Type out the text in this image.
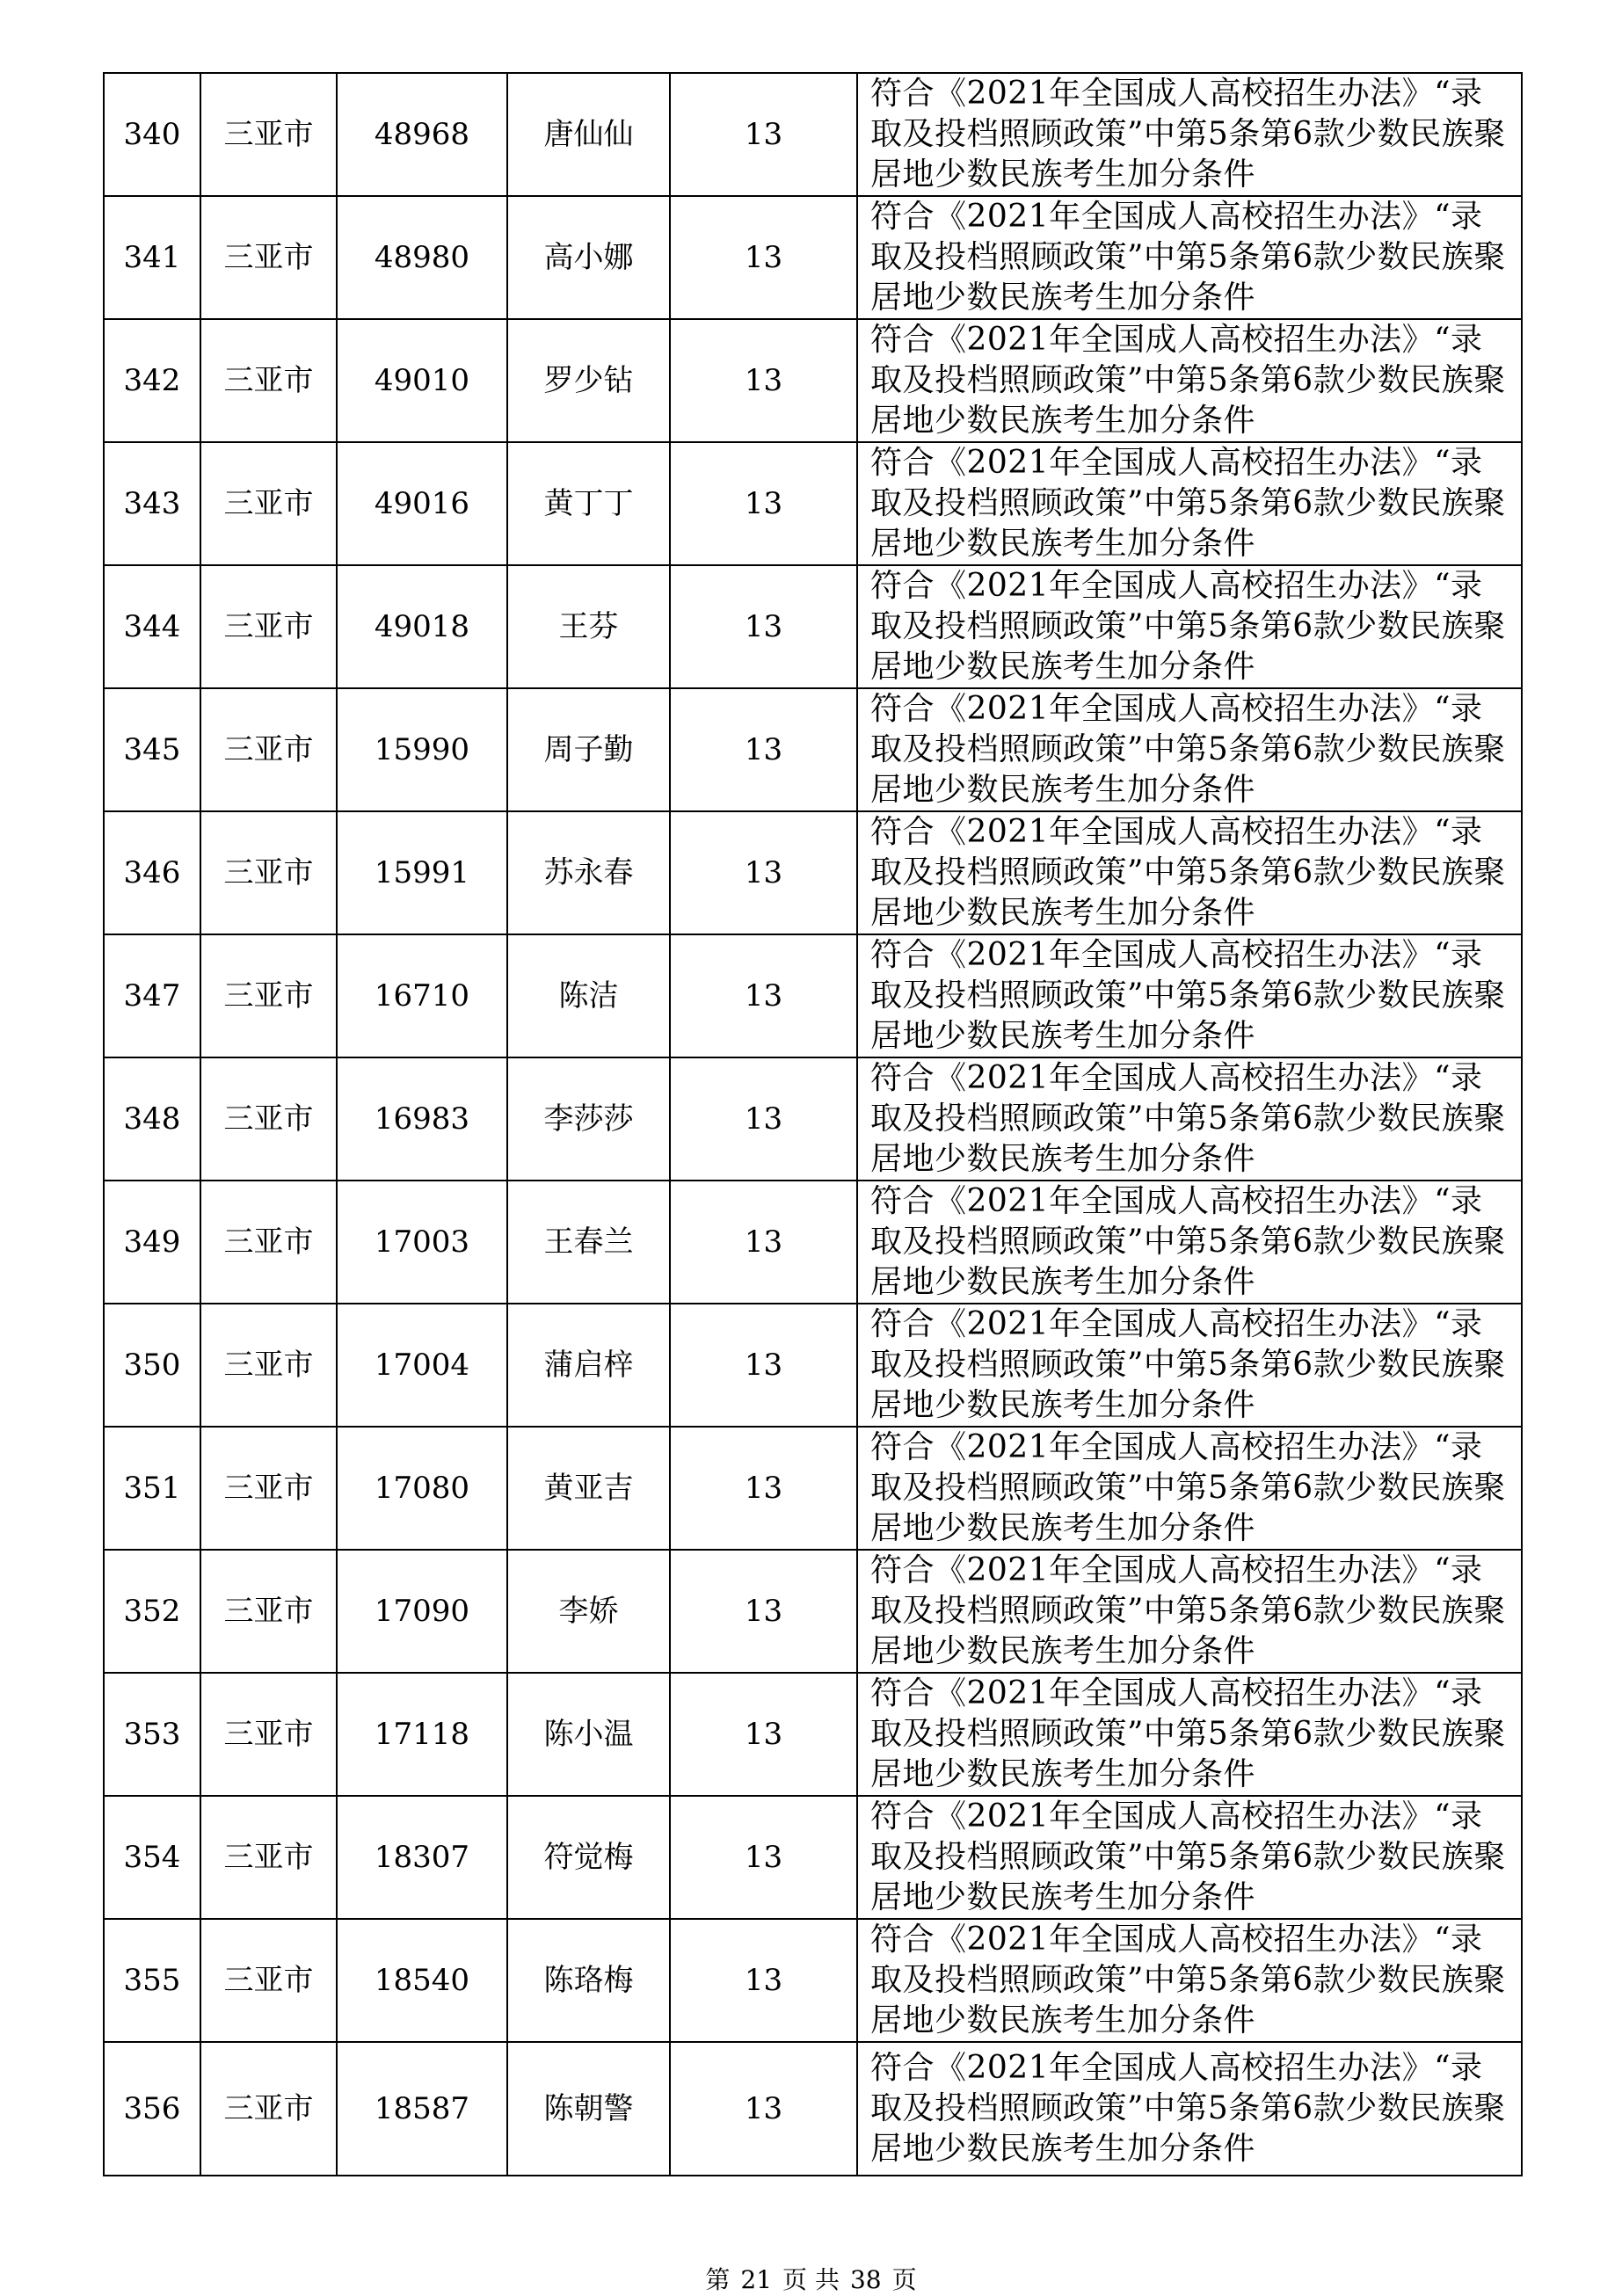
340	三亚市	48968	唐仙仙	13	符合《2021年全国成人高校招生办法》“录取及投档照顾政策”中第5条第6款少数民族聚居地少数民族考生加分条件
341	三亚市	48980	高小娜	13	符合《2021年全国成人高校招生办法》“录取及投档照顾政策”中第5条第6款少数民族聚居地少数民族考生加分条件
342	三亚市	49010	罗少钻	13	符合《2021年全国成人高校招生办法》“录取及投档照顾政策”中第5条第6款少数民族聚居地少数民族考生加分条件
343	三亚市	49016	黄丁丁	13	符合《2021年全国成人高校招生办法》“录取及投档照顾政策”中第5条第6款少数民族聚居地少数民族考生加分条件
344	三亚市	49018	王芬	13	符合《2021年全国成人高校招生办法》“录取及投档照顾政策”中第5条第6款少数民族聚居地少数民族考生加分条件
345	三亚市	15990	周子勤	13	符合《2021年全国成人高校招生办法》“录取及投档照顾政策”中第5条第6款少数民族聚居地少数民族考生加分条件
346	三亚市	15991	苏永春	13	符合《2021年全国成人高校招生办法》“录取及投档照顾政策”中第5条第6款少数民族聚居地少数民族考生加分条件
347	三亚市	16710	陈洁	13	符合《2021年全国成人高校招生办法》“录取及投档照顾政策”中第5条第6款少数民族聚居地少数民族考生加分条件
348	三亚市	16983	李莎莎	13	符合《2021年全国成人高校招生办法》“录取及投档照顾政策”中第5条第6款少数民族聚居地少数民族考生加分条件
349	三亚市	17003	王春兰	13	符合《2021年全国成人高校招生办法》“录取及投档照顾政策”中第5条第6款少数民族聚居地少数民族考生加分条件
350	三亚市	17004	蒲启梓	13	符合《2021年全国成人高校招生办法》“录取及投档照顾政策”中第5条第6款少数民族聚居地少数民族考生加分条件
351	三亚市	17080	黄亚吉	13	符合《2021年全国成人高校招生办法》“录取及投档照顾政策”中第5条第6款少数民族聚居地少数民族考生加分条件
352	三亚市	17090	李娇	13	符合《2021年全国成人高校招生办法》“录取及投档照顾政策”中第5条第6款少数民族聚居地少数民族考生加分条件
353	三亚市	17118	陈小温	13	符合《2021年全国成人高校招生办法》“录取及投档照顾政策”中第5条第6款少数民族聚居地少数民族考生加分条件
354	三亚市	18307	符觉梅	13	符合《2021年全国成人高校招生办法》“录取及投档照顾政策”中第5条第6款少数民族聚居地少数民族考生加分条件
355	三亚市	18540	陈珞梅	13	符合《2021年全国成人高校招生办法》“录取及投档照顾政策”中第5条第6款少数民族聚居地少数民族考生加分条件
356	三亚市	18587	陈朝警	13	符合《2021年全国成人高校招生办法》“录取及投档照顾政策”中第5条第6款少数民族聚居地少数民族考生加分条件
第 21 页 共 38 页
